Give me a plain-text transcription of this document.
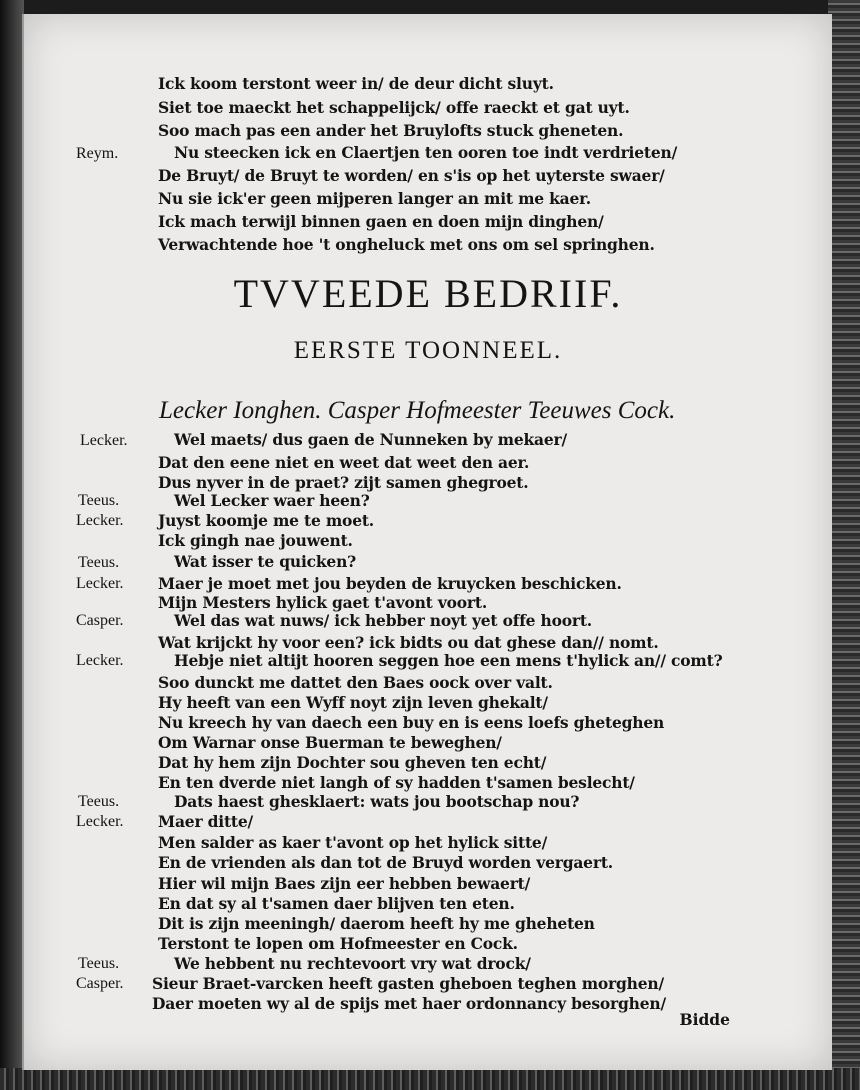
Ick koom terstont weer in/ de deur dicht sluyt.
Siet toe maeckt het schappelijck/ offe raeckt et gat uyt.
Soo mach pas een ander het Bruylofts stuck gheneten.
Reym.	Nu steecken ick en Claertjen ten ooren toe indt verdrieten/
De Bruyt/ de Bruyt te worden/ en s'is op het uyterste swaer/
Nu sie ick'er geen mijperen langer an mit me kaer.
Ick mach terwijl binnen gaen en doen mijn dinghen/
Verwachtende hoe 't ongheluck met ons om sel springhen.
TVVEEDE BEDRIIF.
EERSTE TOONNEEL.
Lecker Ionghen. Casper Hofmeester Teeuwes Cock.
Lecker.	Wel maets/ dus gaen de Nunneken by mekaer/
Dat den eene niet en weet dat weet den aer.
Dus nyver in de praet? zijt samen ghegroet.
Teeus.	Wel Lecker waer heen?
Lecker. Juyst koomje me te moet.
Ick gingh nae jouwent.
Teeus.	Wat isser te quicken?
Lecker. Maer je moet met jou beyden de kruycken beschicken.
Mijn Mesters hylick gaet t'avont voort.
Casper.	Wel das wat nuws/ ick hebber noyt yet offe hoort.
Wat krijckt hy voor een? ick bidts ou dat ghese dan// nomt.
Lecker.	Hebje niet altijt hooren seggen hoe een mens t'hylick an// comt?
Soo dunckt me dattet den Baes oock over valt.
Hy heeft van een Wyff noyt zijn leven ghekalt/
Nu kreech hy van daech een buy en is eens loefs gheteghen
Om Warnar onse Buerman te beweghen/
Dat hy hem zijn Dochter sou gheven ten echt/
En ten dverde niet langh of sy hadden t'samen beslecht/
Teeus.	Dats haest ghesklaert: wats jou bootschap nou?
Lecker. Maer ditte/
Men salder as kaer t'avont op het hylick sitte/
En de vrienden als dan tot de Bruyd worden vergaert.
Hier wil mijn Baes zijn eer hebben bewaert/
En dat sy al t'samen daer blijven ten eten.
Dit is zijn meeningh/ daerom heeft hy me gheheten
Terstont te lopen om Hofmeester en Cock.
Teeus.	We hebbent nu rechtevoort vry wat drock/
Casper. Sieur Braet-varcken heeft gasten gheboen teghen morghen/
Daer moeten wy al de spijs met haer ordonnancy besorghen/
Bidde
